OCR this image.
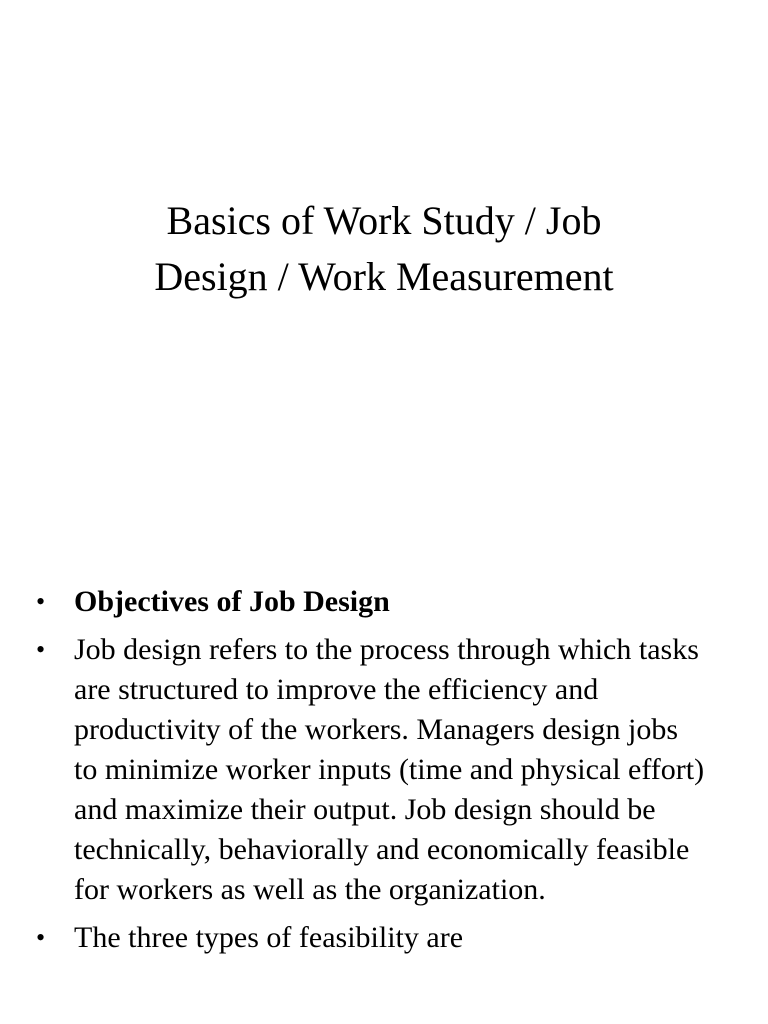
Basics of Work Study / Job
Design / Work Measurement
• Objectives of Job Design
• Job design refers to the process through which tasks
are structured to improve the efficiency and
productivity of the workers. Managers design jobs
to minimize worker inputs (time and physical effort)
and maximize their output. Job design should be
technically, behaviorally and economically feasible
for workers as well as the organization.
• The three types of feasibility are
